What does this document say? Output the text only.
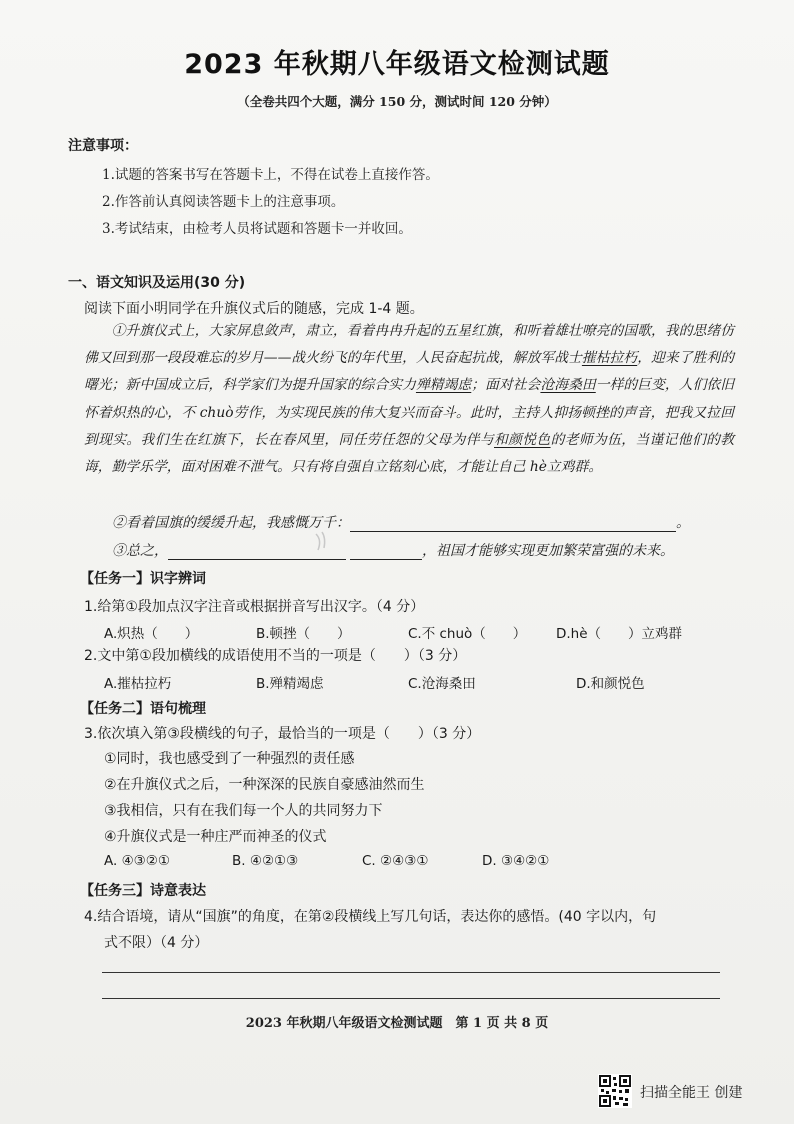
2023 年秋期八年级语文检测试题
（全卷共四个大题，满分 150 分，测试时间 120 分钟）
注意事项：
1.试题的答案书写在答题卡上，不得在试卷上直接作答。
2.作答前认真阅读答题卡上的注意事项。
3.考试结束，由检考人员将试题和答题卡一并收回。
一、语文知识及运用(30 分)
阅读下面小明同学在升旗仪式后的随感，完成 1-4 题。
①升旗仪式上，大家屏息敛声，肃立，看着冉冉升起的五星红旗，和听着雄壮嘹亮的国歌，我的思绪仿佛又回到那一段段难忘的岁月——战火纷飞的年代里，人民奋起抗战，解放军战士摧枯拉朽，迎来了胜利的曙光；新中国成立后，科学家们为提升国家的综合实力殚精竭虑；面对社会沧海桑田一样的巨变，人们依旧怀着炽热的心，不 chuò劳作，为实现民族的伟大复兴而奋斗。此时，主持人抑扬顿挫的声音，把我又拉回到现实。我们生在红旗下，长在春风里，同任劳任怨的父母为伴与和颜悦色的老师为伍，当谨记他们的教诲，勤学乐学，面对困难不泄气。只有将自强自立铭刻心底，才能让自己 hè立鸡群。
②看着国旗的缓缓升起，我感慨万千：	。
③总之，	，祖国才能够实现更加繁荣富强的未来。
【任务一】识字辨词
1.给第①段加点汉字注音或根据拼音写出汉字。（4 分）
A.炽热（　　）	B.顿挫（　　）	C.不 chuò（　　） D.hè（　　）立鸡群
2.文中第①段加横线的成语使用不当的一项是（　　）（3 分）
A.摧枯拉朽	B.殚精竭虑	C.沧海桑田	D.和颜悦色
【任务二】语句梳理
3.依次填入第③段横线的句子，最恰当的一项是（　　）（3 分）
①同时，我也感受到了一种强烈的责任感
②在升旗仪式之后，一种深深的民族自豪感油然而生
③我相信，只有在我们每一个人的共同努力下
④升旗仪式是一种庄严而神圣的仪式
A. ④③②①	B. ④②①③	C. ②④③①	D. ③④②①
【任务三】诗意表达
4.结合语境，请从“国旗”的角度，在第②段横线上写几句话，表达你的感悟。(40 字以内，句
式不限）（4 分）
2023 年秋期八年级语文检测试题　第 1 页 共 8 页
扫描全能王 创建
